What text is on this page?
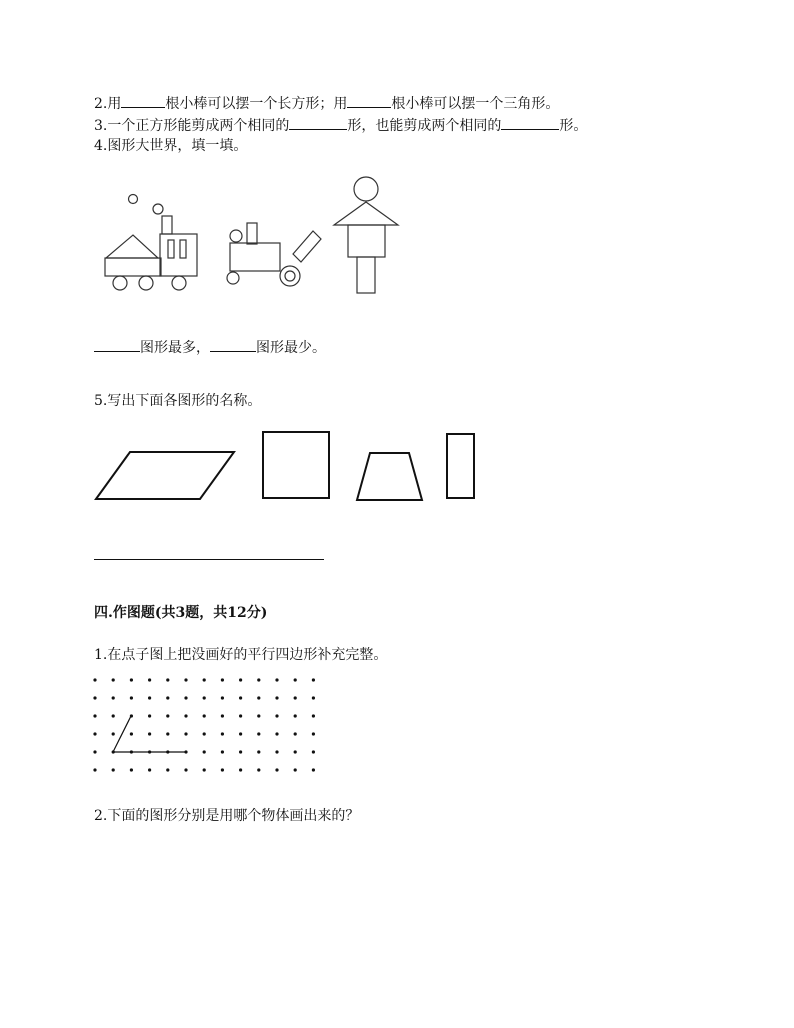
2.用	根小棒可以摆一个长方形；用	根小棒可以摆一个三角形。
3.一个正方形能剪成两个相同的	形，也能剪成两个相同的	形。
4.图形大世界，填一填。
图形最多，	图形最少。
5.写出下面各图形的名称。
四.作图题(共3题，共12分)
1.在点子图上把没画好的平行四边形补充完整。
2.下面的图形分别是用哪个物体画出来的？
